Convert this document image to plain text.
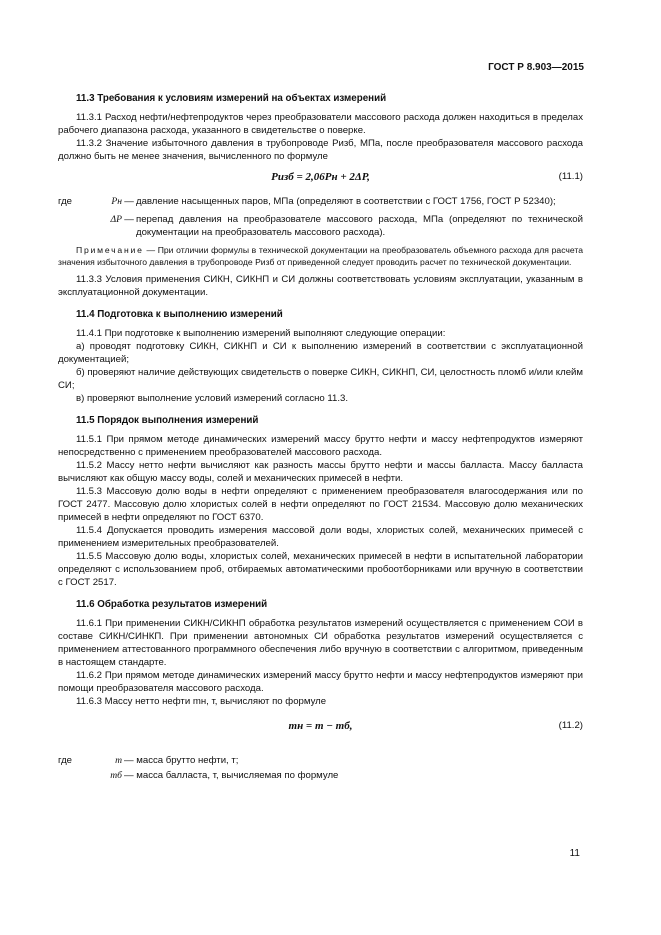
ГОСТ Р 8.903—2015
11.3 Требования к условиям измерений на объектах измерений

11.3.1 Расход нефти/нефтепродуктов через преобразователи массового расхода должен находиться в пределах рабочего диапазона расхода, указанного в свидетельстве о поверке.

11.3.2 Значение избыточного давления в трубопроводе Pизб, МПа, после преобразователя массового расхода должно быть не менее значения, вычисленного по формуле

Pизб = 2,06Pн + 2ΔP,	(11.1)
где	Pн — давление насыщенных паров, МПа (определяют в соответствии с ГОСТ 1756, ГОСТ Р 52340);
ΔP — перепад давления на преобразователе массового расхода, МПа (определяют по технической документации на преобразователь массового расхода).

Примечание — При отличии формулы в технической документации на преобразователь объемного расхода для расчета значения избыточного давления в трубопроводе Pизб от приведенной следует проводить расчет по технической документации.

11.3.3 Условия применения СИКН, СИКНП и СИ должны соответствовать условиям эксплуатации, указанным в эксплуатационной документации.

11.4 Подготовка к выполнению измерений

11.4.1 При подготовке к выполнению измерений выполняют следующие операции:

а) проводят подготовку СИКН, СИКНП и СИ к выполнению измерений в соответствии с эксплуатационной документацией;

б) проверяют наличие действующих свидетельств о поверке СИКН, СИКНП, СИ, целостность пломб и/или клейм СИ;

в) проверяют выполнение условий измерений согласно 11.3.

11.5 Порядок выполнения измерений

11.5.1 При прямом методе динамических измерений массу брутто нефти и массу нефтепродуктов измеряют непосредственно с применением преобразователей массового расхода.

11.5.2 Массу нетто нефти вычисляют как разность массы брутто нефти и массы балласта. Массу балласта вычисляют как общую массу воды, солей и механических примесей в нефти.

11.5.3 Массовую долю воды в нефти определяют с применением преобразователя влагосодержания или по ГОСТ 2477. Массовую долю хлористых солей в нефти определяют по ГОСТ 21534. Массовую долю механических примесей в нефти определяют по ГОСТ 6370.

11.5.4 Допускается проводить измерения массовой доли воды, хлористых солей, механических примесей с применением измерительных преобразователей.

11.5.5 Массовую долю воды, хлористых солей, механических примесей в нефти в испытательной лаборатории определяют с использованием проб, отбираемых автоматическими пробоотборниками или вручную в соответствии с ГОСТ 2517.

11.6 Обработка результатов измерений

11.6.1 При применении СИКН/СИКНП обработка результатов измерений осуществляется с применением СОИ в составе СИКН/СИНКП. При применении автономных СИ обработка результатов измерений осуществляется с применением аттестованного программного обеспечения либо вручную в соответствии с алгоритмом, приведенным в настоящем стандарте.

11.6.2 При прямом методе динамических измерений массу брутто нефти и массу нефтепродуктов измеряют при помощи преобразователя массового расхода.

11.6.3 Массу нетто нефти mн, т, вычисляют по формуле

mн = m − mб,	(11.2)
где	m — масса брутто нефти, т;
mб — масса балласта, т, вычисляемая по формуле
11
